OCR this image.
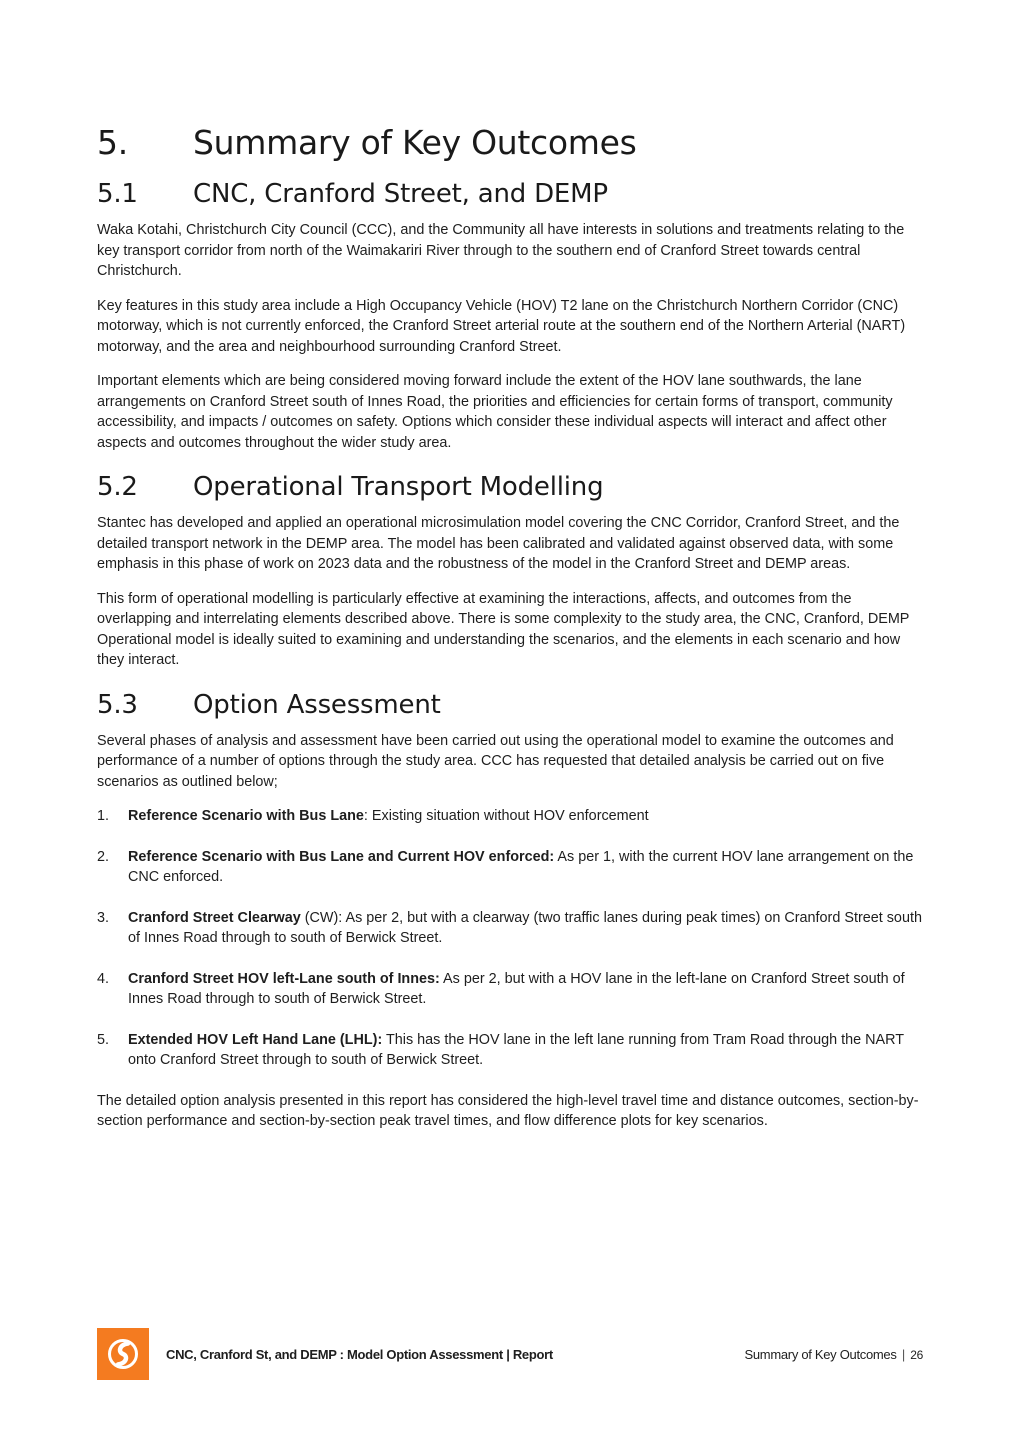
5.	Summary of Key Outcomes
5.1	CNC, Cranford Street, and DEMP

Waka Kotahi, Christchurch City Council (CCC), and the Community all have interests in solutions and treatments relating to the key transport corridor from north of the Waimakariri River through to the southern end of Cranford Street towards central Christchurch.

Key features in this study area include a High Occupancy Vehicle (HOV) T2 lane on the Christchurch Northern Corridor (CNC) motorway, which is not currently enforced, the Cranford Street arterial route at the southern end of the Northern Arterial (NART) motorway, and the area and neighbourhood surrounding Cranford Street.

Important elements which are being considered moving forward include the extent of the HOV lane southwards, the lane arrangements on Cranford Street south of Innes Road, the priorities and efficiencies for certain forms of transport, community accessibility, and impacts / outcomes on safety. Options which consider these individual aspects will interact and affect other aspects and outcomes throughout the wider study area.

5.2	Operational Transport Modelling

Stantec has developed and applied an operational microsimulation model covering the CNC Corridor, Cranford Street, and the detailed transport network in the DEMP area. The model has been calibrated and validated against observed data, with some emphasis in this phase of work on 2023 data and the robustness of the model in the Cranford Street and DEMP areas.

This form of operational modelling is particularly effective at examining the interactions, affects, and outcomes from the overlapping and interrelating elements described above. There is some complexity to the study area, the CNC, Cranford, DEMP Operational model is ideally suited to examining and understanding the scenarios, and the elements in each scenario and how they interact.

5.3	Option Assessment

Several phases of analysis and assessment have been carried out using the operational model to examine the outcomes and performance of a number of options through the study area. CCC has requested that detailed analysis be carried out on five scenarios as outlined below;

1.	Reference Scenario with Bus Lane: Existing situation without HOV enforcement
2.	Reference Scenario with Bus Lane and Current HOV enforced: As per 1, with the current HOV lane arrangement on the CNC enforced.
3.	Cranford Street Clearway (CW): As per 2, but with a clearway (two traffic lanes during peak times) on Cranford Street south of Innes Road through to south of Berwick Street.
4.	Cranford Street HOV left-Lane south of Innes: As per 2, but with a HOV lane in the left-lane on Cranford Street south of Innes Road through to south of Berwick Street.
5.	Extended HOV Left Hand Lane (LHL): This has the HOV lane in the left lane running from Tram Road through the NART onto Cranford Street through to south of Berwick Street.

The detailed option analysis presented in this report has considered the high-level travel time and distance outcomes, section-by-section performance and section-by-section peak travel times, and flow difference plots for key scenarios.

CNC, Cranford St, and DEMP : Model Option Assessment | Report	Summary of Key Outcomes | 26
